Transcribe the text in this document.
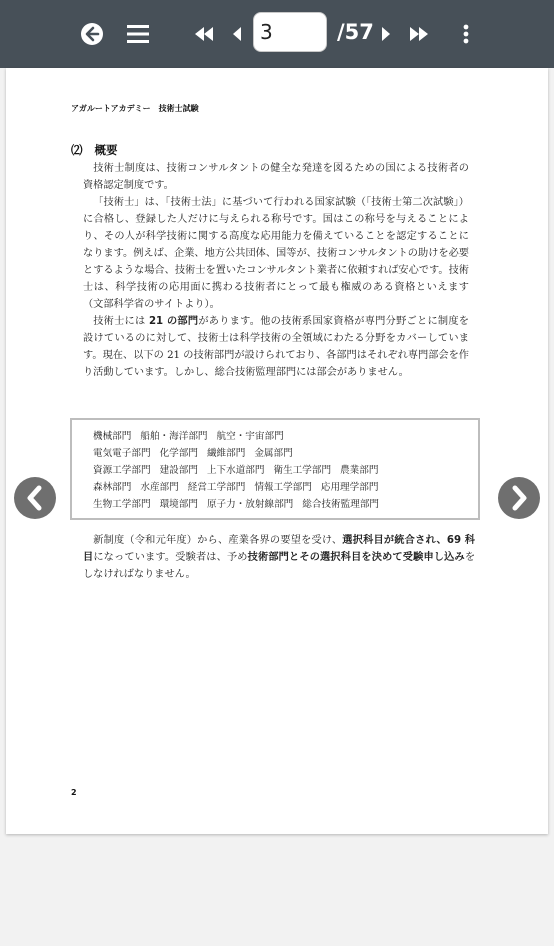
3
/57
アガルートアカデミー　技術士試験
⑵ 概要

技術士制度は、技術コンサルタントの健全な発達を図るための国による技術者の資格認定制度です。

「技術士」は、「技術士法」に基づいて行われる国家試験（「技術士第二次試験」）に合格し、登録した人だけに与えられる称号です。国はこの称号を与えることにより、その人が科学技術に関する高度な応用能力を備えていることを認定することになります。例えば、企業、地方公共団体、国等が、技術コンサルタントの助けを必要とするような場合、技術士を置いたコンサルタント業者に依頼すれば安心です。技術士は、科学技術の応用面に携わる技術者にとって最も権威のある資格といえます（文部科学省のサイトより）。

技術士には 21 の部門があります。他の技術系国家資格が専門分野ごとに制度を設けているのに対して、技術士は科学技術の全領域にわたる分野をカバーしています。現在、以下の 21 の技術部門が設けられており、各部門はそれぞれ専門部会を作り活動しています。しかし、総合技術監理部門には部会がありません。

機械部門 船舶・海洋部門 航空・宇宙部門
電気電子部門 化学部門 繊維部門 金属部門
資源工学部門 建設部門 上下水道部門 衛生工学部門 農業部門
森林部門 水産部門 経営工学部門 情報工学部門 応用理学部門
生物工学部門 環境部門 原子力・放射線部門 総合技術監理部門

新制度（令和元年度）から、産業各界の要望を受け、選択科目が統合され、69 科目になっています。受験者は、予め技術部門とその選択科目を決めて受験申し込みをしなければなりません。

2
